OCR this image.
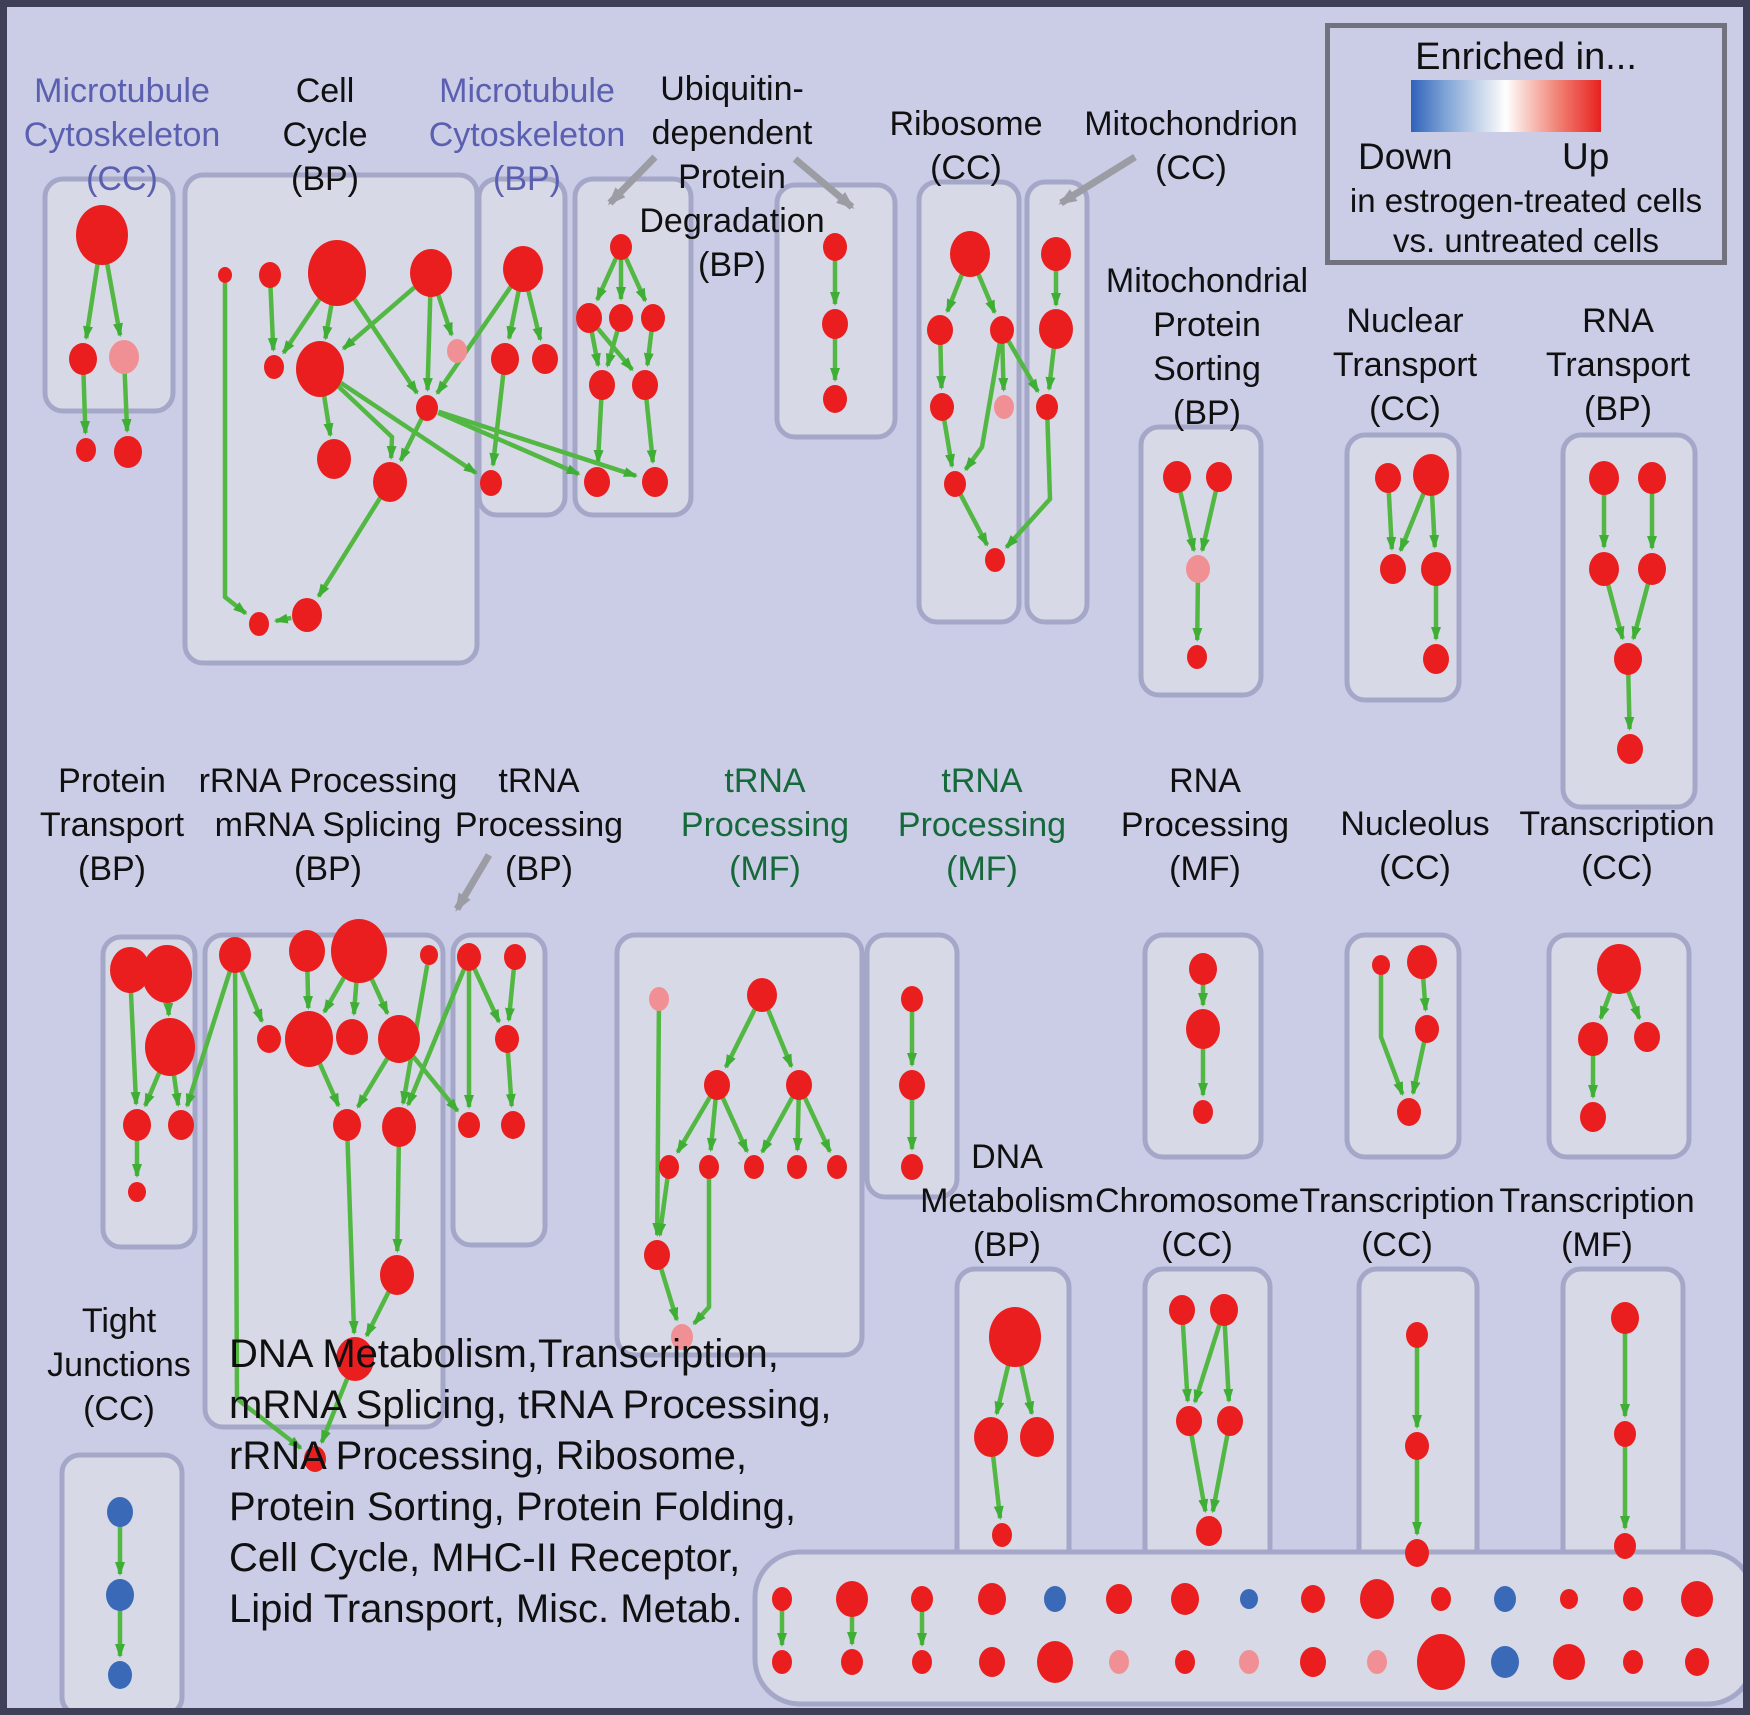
Microtubule
Cytoskeleton
(CC)
Cell
Cycle
(BP)
Microtubule
Cytoskeleton
(BP)
Ubiquitin-
dependent
Protein
Degradation
(BP)
Ribosome
(CC)
Mitochondrion
(CC)
Mitochondrial
Protein
Sorting
(BP)
Nuclear
Transport
(CC)
RNA
Transport
(BP)
Protein
Transport
(BP)
rRNA Processing
mRNA Splicing
(BP)
tRNA
Processing
(BP)
tRNA
Processing
(MF)
tRNA
Processing
(MF)
RNA
Processing
(MF)
Nucleolus
(CC)
Transcription
(CC)
DNA
Metabolism
(BP)
Chromosome
(CC)
Transcription
(CC)
Transcription
(MF)
Tight
Junctions
(CC)
DNA Metabolism,Transcription,
mRNA Splicing, tRNA Processing,
rRNA Processing, Ribosome,
Protein Sorting, Protein Folding,
Cell Cycle, MHC-II Receptor,
Lipid Transport, Misc. Metab.
Enriched in...
Down	Up
in estrogen-treated cells
vs. untreated cells
